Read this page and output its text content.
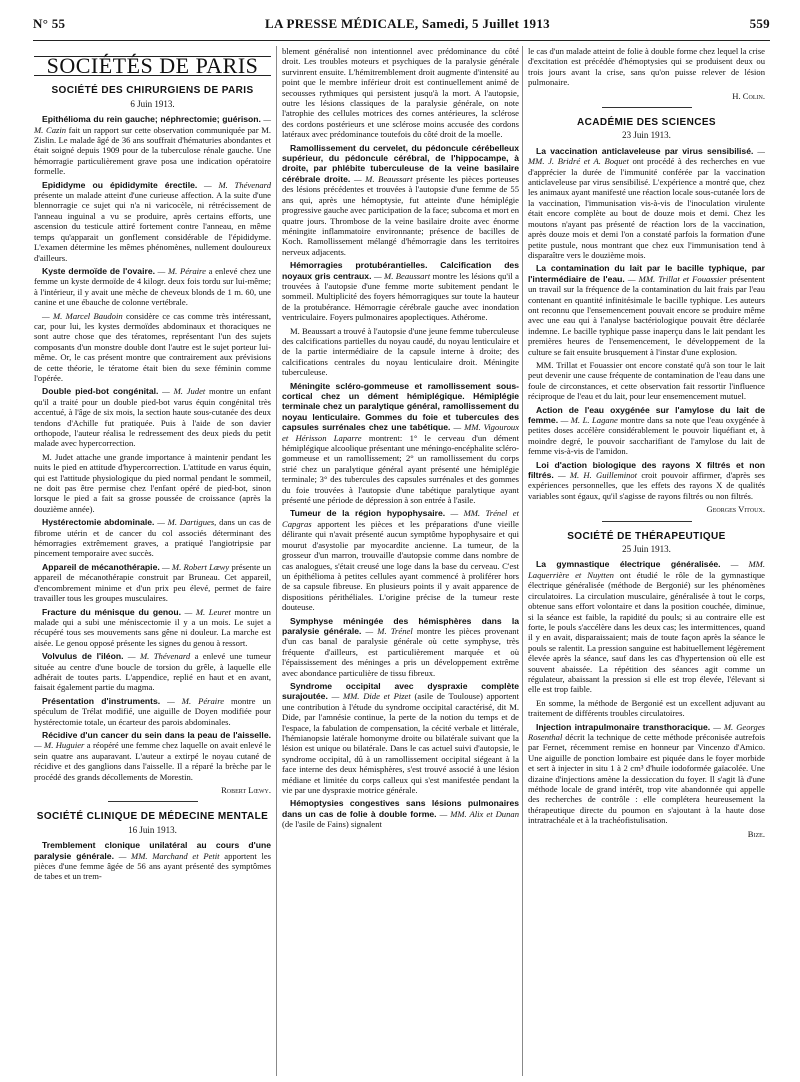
N° 55	LA PRESSE MÉDICALE, Samedi, 5 Juillet 1913	559
SOCIÉTÉS DE PARIS
SOCIÉTÉ DES CHIRURGIENS DE PARIS
6 Juin 1913.

Epithélioma du rein gauche; néphrectomie; guérison. — M. Cazin fait un rapport sur cette observation communiquée par M. Zislin. Le malade âgé de 36 ans souffrait d'hématuries abondantes et était soigné depuis 1909 pour de la tuberculose rénale gauche. Une hémorragie particulièrement grave posa une indication opératoire formelle.

Epididyme ou épididymite érectile. — M. Thévenard présente un malade atteint d'une curieuse affection. A la suite d'une blennorragie ce sujet qui n'a ni varicocèle, ni rétrécissement de l'anneau inguinal a vu se produire, après certains efforts, une ascension du testicule attiré fortement contre l'anneau, en même temps qu'apparait un gonflement considérable de l'épididyme. L'examen détermine les mêmes phénomènes, nullement douloureux d'ailleurs.

Kyste dermoïde de l'ovaire. — M. Péraire a enlevé chez une femme un kyste dermoïde de 4 kilogr. deux fois tordu sur lui-même; à l'intérieur, il y avait une mèche de cheveux blonds de 1 m. 60, une canine et une ébauche de colonne vertébrale.

— M. Marcel Baudoin considère ce cas comme très intéressant, car, pour lui, les kystes dermoïdes abdominaux et thoraciques ne sont autre chose que des tératomes, représentant l'un des sujets composants d'un monstre double dont l'autre est le sujet porteur lui-même. Or, le cas présent montre que contrairement aux prévisions de cette théorie, le tératome était bien du sexe féminin comme l'opérée.

Double pied-bot congénital. — M. Judet montre un enfant qu'il a traité pour un double pied-bot varus équin congénital très accentué, à l'âge de six mois, la section haute sous-cutanée des deux tendons d'Achille fut pratiquée. Puis à l'aide de son davier orthopode, l'auteur réalisa le redressement des deux pieds du petit malade avec hypercorrection.

M. Judet attache une grande importance à maintenir pendant les nuits le pied en attitude d'hypercorrection. L'attitude en varus équin, qui est l'attitude physiologique du pied normal pendant le sommeil, ne doit pas être permise chez l'enfant opéré de pied-bot, sinon lorsque le pied a fait sa grosse poussée de croissance (après la douzième année).

Hystérectomie abdominale. — M. Dartigues, dans un cas de fibrome utérin et de cancer du col associés déterminant des hémorragies extrêmement graves, a pratiqué l'angiotripsie par pincement temporaire avec succès.

Appareil de mécanothérapie. — M. Robert Lœwy présente un appareil de mécanothérapie construit par Bruneau. Cet appareil, d'encombrement minime et d'un prix peu élevé, permet de faire travailler tous les groupes musculaires.

Fracture du ménisque du genou. — M. Leuret montre un malade qui a subi une méniscectomie il y a un mois. Le sujet a récupéré tous ses mouvements sans gêne ni douleur. La marche est aisée. Le genou opposé présente les signes du genou à ressort.

Volvulus de l'iléon. — M. Thévenard a enlevé une tumeur située au centre d'une boucle de torsion du grêle, à laquelle elle adhérait de toutes parts. L'appendice, replié en haut et en avant, faisait également partie du magma.

Présentation d'instruments. — M. Péraire montre un spéculum de Trélat modifié, une aiguille de Doyen modifiée pour hystérectomie totale, un écarteur des parois abdominales.

Récidive d'un cancer du sein dans la peau de l'aisselle. — M. Huguier a réopéré une femme chez laquelle on avait enlevé le sein quatre ans auparavant. L'auteur a extirpé le noyau cutané de récidive et des ganglions dans l'aisselle. Il a réparé la brèche par le procédé des grands décollements de Morestin.

Robert Lœwy.
SOCIÉTÉ CLINIQUE DE MÉDECINE MENTALE
16 Juin 1913.

Tremblement clonique unilatéral au cours d'une paralysie générale. — MM. Marchand et Petit apportent les pièces d'une femme âgée de 56 ans ayant présenté des symptômes de tabes et un trem-

blement généralisé non intentionnel avec prédominance du côté droit. Les troubles moteurs et psychiques de la paralysie générale survinrent ensuite. L'hémitremblement droit augmente d'intensité au point que le membre inférieur droit est continuellement animé de secousses rythmiques qui persistent jusqu'à la mort. A l'autopsie, outre les lésions classiques de la paralysie générale, on note l'atrophie des cellules motrices des cornes antérieures, la sclérose des cordons postérieurs et une sclérose moins accusée des cordons latéraux avec prédominance toutefois du côté droit de la moelle.

Ramollissement du cervelet, du pédoncule cérébelleux supérieur, du pédoncule cérébral, de l'hippocampe, à droite, par phlébite tuberculeuse de la veine basilaire cérébrale droite. — M. Beaussart présente les pièces porteuses des lésions précédentes et trouvées à l'autopsie d'une femme de 55 ans qui, après une hémoptysie, fut atteinte d'une hémiplégie progressive gauche avec participation de la face; subcoma et mort en quatre jours. Thrombose de la veine basilaire droite avec énorme méningite inflammatoire environnante; présence de bacilles de Koch. Ramollissement mélangé d'hémorragie dans les territoires nerveux adjacents.

Hémorragies protubérantielles. Calcification des noyaux gris centraux. — M. Beaussart montre les lésions qu'il a trouvées à l'autopsie d'une femme morte subitement pendant le sommeil. Multiplicité des foyers hémorragiques sur toute la hauteur de la protubérance. Hémorragie cérébrale gauche avec inondation ventriculaire. Foyers pulmonaires apoplectiques. Athérome.

M. Beaussart a trouvé à l'autopsie d'une jeune femme tuberculeuse des calcifications partielles du noyau caudé, du noyau lenticulaire et de la partie intermédiaire de la capsule interne à droite; des calcifications centrales du noyau lenticulaire droit. Méningite tuberculeuse.

Méningite scléro-gommeuse et ramollissement sous-cortical chez un dément hémiplégique. Hémiplégie terminale chez un paralytique général, ramollissement du noyau lenticulaire. Gommes du foie et tubercules des capsules surrénales chez une tabétique. — MM. Vigouroux et Hérisson Laparre montrent: 1° le cerveau d'un dément hémiplégique alcoolique présentant une méningo-encéphalite scléro-gommeuse et un ramollissement; 2° un ramollissement du corps strié chez un paralytique général ayant présenté une hémiplégie terminale; 3° des tubercules des capsules surrénales et des gommes du foie trouvées à l'autopsie d'une tabétique paralytique ayant présenté une période de dépression à son entrée à l'asile.

Tumeur de la région hypophysaire. — MM. Trénel et Capgras apportent les pièces et les préparations d'une vieille délirante qui n'avait présenté aucun symptôme hypophysaire et qui mourut d'asystolie par myocardite ancienne. La tumeur, de la grosseur d'un marron, trouvaille d'autopsie comme dans nombre de cas analogues, s'était creusé une loge dans la base du cerveau. C'est un épithélioma à petites cellules ayant commencé à proliférer hors de sa capsule fibreuse. En plusieurs points il y avait apparence de dispositions périthéliales. L'origine précise de la tumeur reste douteuse.

Symphyse méningée des hémisphères dans la paralysie générale. — M. Trénel montre les pièces provenant d'un cas banal de paralysie générale où cette symphyse, très fréquente d'ailleurs, est particulièrement marquée et où l'épaississement des méninges a pris un développement extrême avec abondance particulière de tissu fibreux.

Syndrome occipital avec dyspraxie complète surajoutée. — MM. Dide et Pizet (asile de Toulouse) apportent une contribution à l'étude du syndrome occipital caractérisé, dit M. Dide, par l'amnésie continue, la perte de la notion du temps et de l'espace, la fabulation de compensation, la cécité verbale et littérale, l'hémianopsie latérale homonyme droite ou bilatérale suivant que la lésion est unique ou bilatérale. Dans le cas actuel suivi d'autopsie, le syndrome occipital, dû à un ramollissement occipital siégeant à la face interne des deux hémisphères, s'est trouvé associé à une lésion médiane et limitée du corps calleux qui s'est manifestée pendant la vie par une dyspraxie motrice générale.

Hémoptysies congestives sans lésions pulmonaires dans un cas de folie à double forme. — MM. Alix et Dunan (de l'asile de Fains) signalent

le cas d'un malade atteint de folie à double forme chez lequel la crise d'excitation est précédée d'hémoptysies qui se produisent deux ou trois jours avant la crise, sans qu'on puisse relever de lésion pulmonaire.

H. Colin.
ACADÉMIE DES SCIENCES
23 Juin 1913.

La vaccination anticlaveleuse par virus sensibilisé. — MM. J. Bridré et A. Boquet ont procédé à des recherches en vue d'apprécier la durée de l'immunité conférée par la vaccination anticlaveleuse par virus sensibilisé. L'expérience a montré que, chez les animaux ayant manifesté une réaction locale sous-cutanée lors de la vaccination, l'immunisation vis-à-vis de l'inoculation virulente était encore complète au bout de douze mois et demi. Chez les moutons n'ayant pas présenté de réaction lors de la vaccination, après douze mois et demi l'on a constaté parfois la formation d'une petite pustule, nous montrant que chez eux l'immunisation tend à disparaître vers le douzième mois.

La contamination du lait par le bacille typhique, par l'intermédiaire de l'eau. — MM. Trillat et Fouassier présentent un travail sur la fréquence de la contamination du lait frais par l'eau contenant en quantité infinitésimale le bacille typhique. Les auteurs ont reconnu que l'ensemencement pouvait encore se produire même avec une eau qui à l'analyse bactériologique pouvait être déclarée indemne. Le bacille typhique passe inaperçu dans le lait pendant les premières heures de l'ensemencement, le développement de la culture se fait ensuite brusquement à l'instar d'une explosion.

MM. Trillat et Fouassier ont encore constaté qu'à son tour le lait peut devenir une cause fréquente de contamination de l'eau dans une foule de circonstances, et cette observation fait ressortir l'influence réciproque de l'eau et du lait, pour leur ensemencement mutuel.

Action de l'eau oxygénée sur l'amylose du lait de femme. — M. L. Lagane montre dans sa note que l'eau oxygénée à petites doses accélère considérablement le pouvoir liquéfiant et, à moindre degré, le pouvoir saccharifiant de l'amylose du lait de femme vis-à-vis de l'amidon.

Loi d'action biologique des rayons X filtrés et non filtrés. — M. H. Guilleminot croit pouvoir affirmer, d'après ses expériences personnelles, que les effets des rayons X de qualités variables sont égaux, qu'il s'agisse de rayons filtrés ou non filtrés.

Georges Vitoux.
SOCIÉTÉ DE THÉRAPEUTIQUE
25 Juin 1913.

La gymnastique électrique généralisée. — MM. Laquerrière et Nuytten ont étudié le rôle de la gymnastique électrique généralisée (méthode de Bergonié) sur les phénomènes circulatoires. La circulation musculaire, généralisée à tout le corps, obtenue sans effort volontaire et dans la position couchée, diminue, si la séance est faible, la rapidité du pouls; si au contraire elle est forte, le pouls s'accélère dans les deux cas; les intermittences, quand il y en avait, disparaissaient; mais de toute façon après la séance le pouls se ralentit. La pression sanguine est habituellement légèrement élevée après la séance, sauf dans les cas d'hypertension où elle est souvent abaissée. La répétition des séances agit comme un régulateur, abaissant la pression si elle est trop élevée, l'élevant si elle est trop faible.

En somme, la méthode de Bergonié est un excellent adjuvant au traitement de différents troubles circulatoires.

Injection intrapulmonaire transthoracique. — M. Georges Rosenthal décrit la technique de cette méthode préconisée autrefois par Fernet, récemment remise en honneur par Vincenzo d'Amico. Une aiguille de ponction lombaire est piquée dans le foyer morbide et sert à injecter in situ 1 à 2 cm³ d'huile iodoformée gaïacolée. Une dizaine d'injections amène la dessiccation du foyer. Il s'agit là d'une méthode locale de grand intérêt, trop vite abandonnée qui appelle des recherches de contrôle : elle complétera heureusement la thérapeutique directe du poumon en s'ajoutant à la haute dose intratrachéale et à la trachéofistulisation.

Bize.
